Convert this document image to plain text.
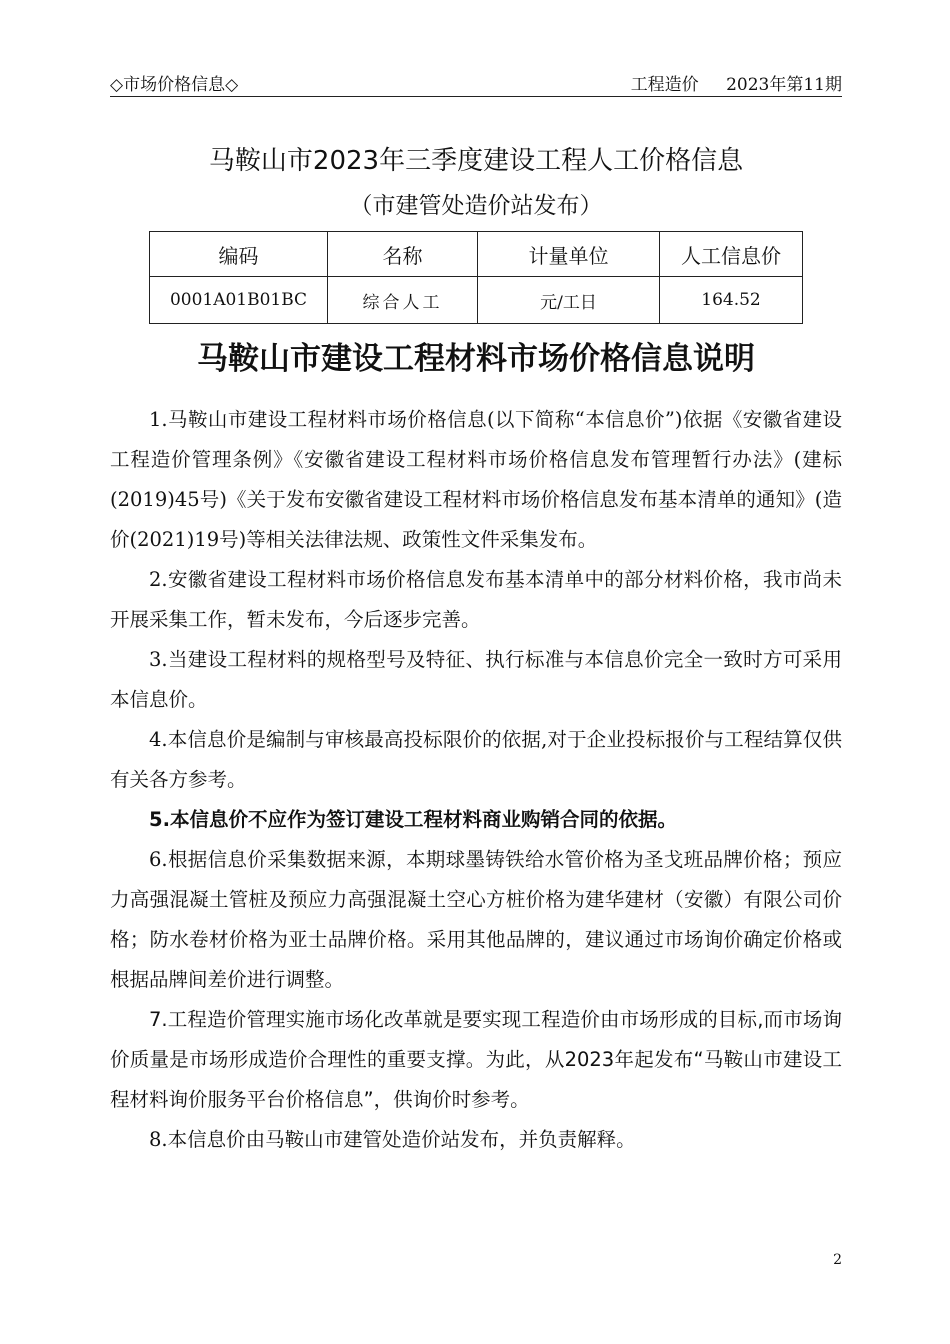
◇市场价格信息◇	工程造价 2023年第11期
马鞍山市2023年三季度建设工程人工价格信息
（市建管处造价站发布）
编码	名称	计量单位	人工信息价
0001A01B01BC	综合人工	元/工日	164.52
马鞍山市建设工程材料市场价格信息说明

1.马鞍山市建设工程材料市场价格信息(以下简称“本信息价”)依据《安徽省建设工程造价管理条例》《安徽省建设工程材料市场价格信息发布管理暂行办法》(建标(2019)45号)《关于发布安徽省建设工程材料市场价格信息发布基本清单的通知》(造价(2021)19号)等相关法律法规、政策性文件采集发布。

2.安徽省建设工程材料市场价格信息发布基本清单中的部分材料价格，我市尚未开展采集工作，暂未发布，今后逐步完善。

3.当建设工程材料的规格型号及特征、执行标准与本信息价完全一致时方可采用本信息价。

4.本信息价是编制与审核最高投标限价的依据,对于企业投标报价与工程结算仅供有关各方参考。

5.本信息价不应作为签订建设工程材料商业购销合同的依据。

6.根据信息价采集数据来源，本期球墨铸铁给水管价格为圣戈班品牌价格；预应力高强混凝土管桩及预应力高强混凝土空心方桩价格为建华建材（安徽）有限公司价格；防水卷材价格为亚士品牌价格。采用其他品牌的，建议通过市场询价确定价格或根据品牌间差价进行调整。

7.工程造价管理实施市场化改革就是要实现工程造价由市场形成的目标,而市场询价质量是市场形成造价合理性的重要支撑。为此，从2023年起发布“马鞍山市建设工程材料询价服务平台价格信息”，供询价时参考。

8.本信息价由马鞍山市建管处造价站发布，并负责解释。

2
